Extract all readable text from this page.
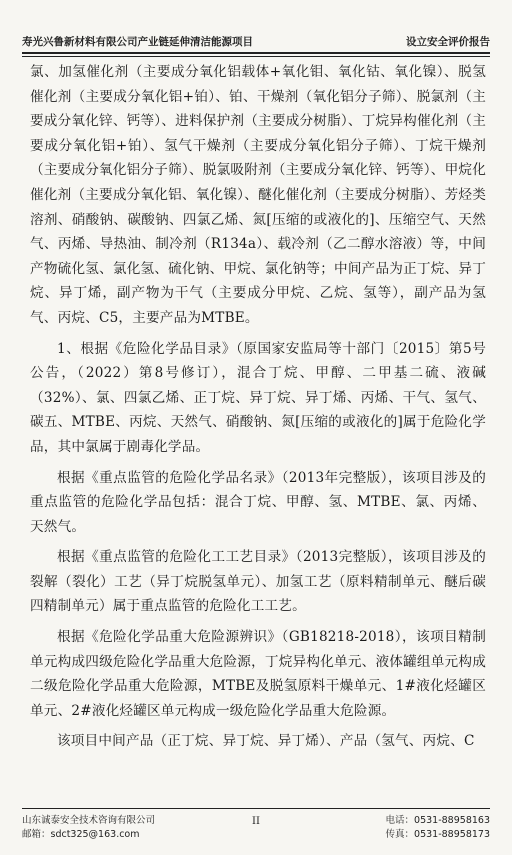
寿光兴鲁新材料有限公司产业链延伸清洁能源项目	设立安全评价报告

氯、加氢催化剂（主要成分氧化铝载体+氧化钼、氧化钴、氧化镍）、脱氢催化剂（主要成分氧化铝+铂）、铂、干燥剂（氧化铝分子筛）、脱氯剂（主要成分氧化锌、钙等）、进料保护剂（主要成分树脂）、丁烷异构催化剂（主要成分氧化铝+铂）、氢气干燥剂（主要成分氧化铝分子筛）、丁烷干燥剂（主要成分氧化铝分子筛）、脱氯吸附剂（主要成分氧化锌、钙等）、甲烷化催化剂（主要成分氧化铝、氧化镍）、醚化催化剂（主要成分树脂）、芳烃类溶剂、硝酸钠、碳酸钠、四氯乙烯、氮[压缩的或液化的]、压缩空气、天然气、丙烯、导热油、制冷剂（R134a）、载冷剂（乙二醇水溶液）等，中间产物硫化氢、氯化氢、硫化钠、甲烷、氯化钠等；中间产品为正丁烷、异丁烷、异丁烯，副产物为干气（主要成分甲烷、乙烷、氢等），副产品为氢气、丙烷、C5，主要产品为MTBE。

1、根据《危险化学品目录》（原国家安监局等十部门〔2015〕第5号公告，（2022）第8号修订），混合丁烷、甲醇、二甲基二硫、液碱（32%）、氯、四氯乙烯、正丁烷、异丁烷、异丁烯、丙烯、干气、氢气、碳五、MTBE、丙烷、天然气、硝酸钠、氮[压缩的或液化的]属于危险化学品，其中氯属于剧毒化学品。

根据《重点监管的危险化学品名录》（2013年完整版），该项目涉及的重点监管的危险化学品包括：混合丁烷、甲醇、氢、MTBE、氯、丙烯、天然气。

根据《重点监管的危险化工工艺目录》（2013完整版），该项目涉及的裂解（裂化）工艺（异丁烷脱氢单元）、加氢工艺（原料精制单元、醚后碳四精制单元）属于重点监管的危险化工工艺。

根据《危险化学品重大危险源辨识》（GB18218-2018），该项目精制单元构成四级危险化学品重大危险源，丁烷异构化单元、液体罐组单元构成二级危险化学品重大危险源，MTBE及脱氢原料干燥单元、1#液化烃罐区单元、2#液化烃罐区单元构成一级危险化学品重大危险源。

该项目中间产品（正丁烷、异丁烷、异丁烯）、产品（氢气、丙烷、C

山东诚泰安全技术咨询有限公司
邮箱：sdct325@163.com
II	电话：0531-88958163
传真：0531-88958173
